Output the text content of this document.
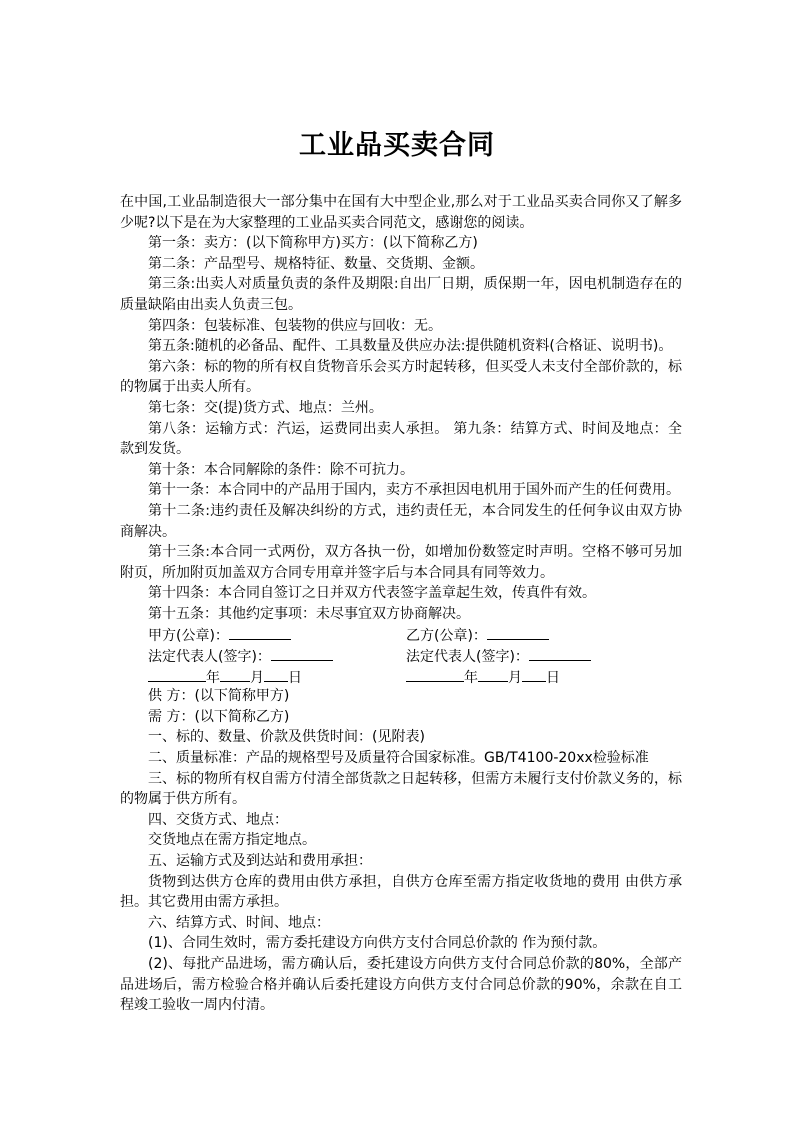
工业品买卖合同

在中国,工业品制造很大一部分集中在国有大中型企业,那么对于工业品买卖合同你又了解多少呢?以下是在为大家整理的工业品买卖合同范文，感谢您的阅读。

第一条：卖方：(以下简称甲方)买方：(以下简称乙方)

第二条：产品型号、规格特征、数量、交货期、金额。

第三条:出卖人对质量负责的条件及期限:自出厂日期，质保期一年，因电机制造存在的质量缺陷由出卖人负责三包。

第四条：包装标准、包装物的供应与回收：无。

第五条:随机的必备品、配件、工具数量及供应办法:提供随机资料(合格证、说明书)。

第六条：标的物的所有权自货物音乐会买方时起转移，但买受人未支付全部价款的，标的物属于出卖人所有。

第七条：交(提)货方式、地点：兰州。

第八条：运输方式：汽运，运费同出卖人承担。 第九条：结算方式、时间及地点：全款到发货。

第十条：本合同解除的条件：除不可抗力。

第十一条：本合同中的产品用于国内，卖方不承担因电机用于国外而产生的任何费用。

第十二条:违约责任及解决纠纷的方式，违约责任无，本合同发生的任何争议由双方协商解决。

第十三条:本合同一式两份，双方各执一份，如增加份数签定时声明。空格不够可另加附页，所加附页加盖双方合同专用章并签字后与本合同具有同等效力。

第十四条：本合同自签订之日并双方代表签字盖章起生效，传真件有效。

第十五条：其他约定事项：未尽事宜双方协商解决。

甲方(公章)：	乙方(公章)：
法定代表人(签字)：	法定代表人(签字)：
年 月 日	年 月 日

供 方：(以下简称甲方)

需 方：(以下简称乙方)

一、标的、数量、价款及供货时间：(见附表)

二、质量标准：产品的规格型号及质量符合国家标准。GB/T4100-20xx检验标准

三、标的物所有权自需方付清全部货款之日起转移，但需方未履行支付价款义务的，标的物属于供方所有。

四、交货方式、地点：

交货地点在需方指定地点。

五、运输方式及到达站和费用承担：

货物到达供方仓库的费用由供方承担，自供方仓库至需方指定收货地的费用 由供方承担。其它费用由需方承担。

六、结算方式、时间、地点：

(1)、合同生效时，需方委托建设方向供方支付合同总价款的 作为预付款。

(2)、每批产品进场，需方确认后，委托建设方向供方支付合同总价款的80%，全部产品进场后，需方检验合格并确认后委托建设方向供方支付合同总价款的90%，余款在自工程竣工验收一周内付清。
